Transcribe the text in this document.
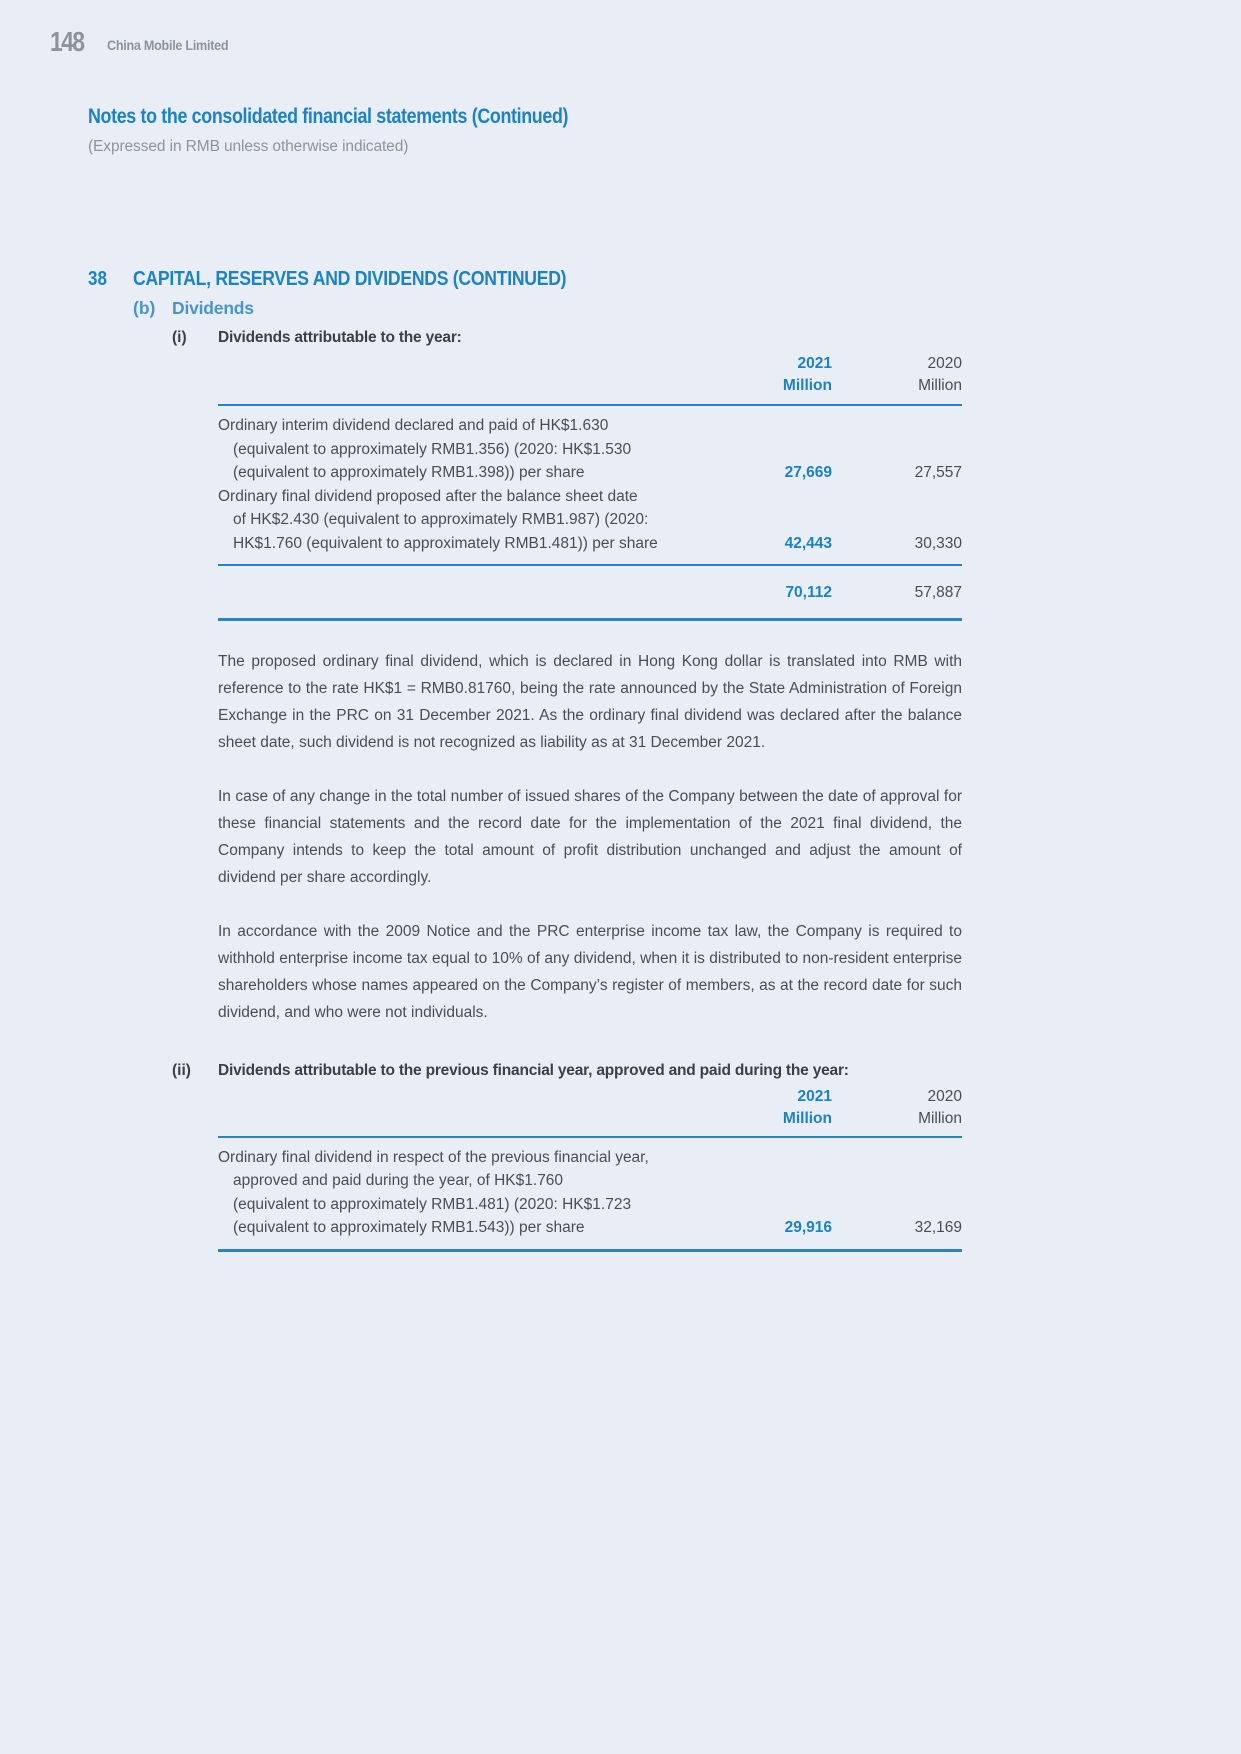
148 China Mobile Limited
Notes to the consolidated financial statements (Continued)
(Expressed in RMB unless otherwise indicated)
38	CAPITAL, RESERVES AND DIVIDENDS (CONTINUED)
(b) Dividends
(i)	Dividends attributable to the year:
2021
Million
2020
Million
Ordinary interim dividend declared and paid of HK$1.630
(equivalent to approximately RMB1.356) (2020: HK$1.530
(equivalent to approximately RMB1.398)) per share	27,669	27,557
Ordinary final dividend proposed after the balance sheet date
of HK$2.430 (equivalent to approximately RMB1.987) (2020:
HK$1.760 (equivalent to approximately RMB1.481)) per share	42,443	30,330
70,112	57,887

The proposed ordinary final dividend, which is declared in Hong Kong dollar is translated into RMB with reference to the rate HK$1 = RMB0.81760, being the rate announced by the State Administration of Foreign Exchange in the PRC on 31 December 2021. As the ordinary final dividend was declared after the balance sheet date, such dividend is not recognized as liability as at 31 December 2021.

In case of any change in the total number of issued shares of the Company between the date of approval for these financial statements and the record date for the implementation of the 2021 final dividend, the Company intends to keep the total amount of profit distribution unchanged and adjust the amount of dividend per share accordingly.

In accordance with the 2009 Notice and the PRC enterprise income tax law, the Company is required to withhold enterprise income tax equal to 10% of any dividend, when it is distributed to non-resident enterprise shareholders whose names appeared on the Company’s register of members, as at the record date for such dividend, and who were not individuals.

(ii)	Dividends attributable to the previous financial year, approved and paid during the year:
2021
Million
2020
Million
Ordinary final dividend in respect of the previous financial year,
approved and paid during the year, of HK$1.760
(equivalent to approximately RMB1.481) (2020: HK$1.723
(equivalent to approximately RMB1.543)) per share	29,916	32,169
